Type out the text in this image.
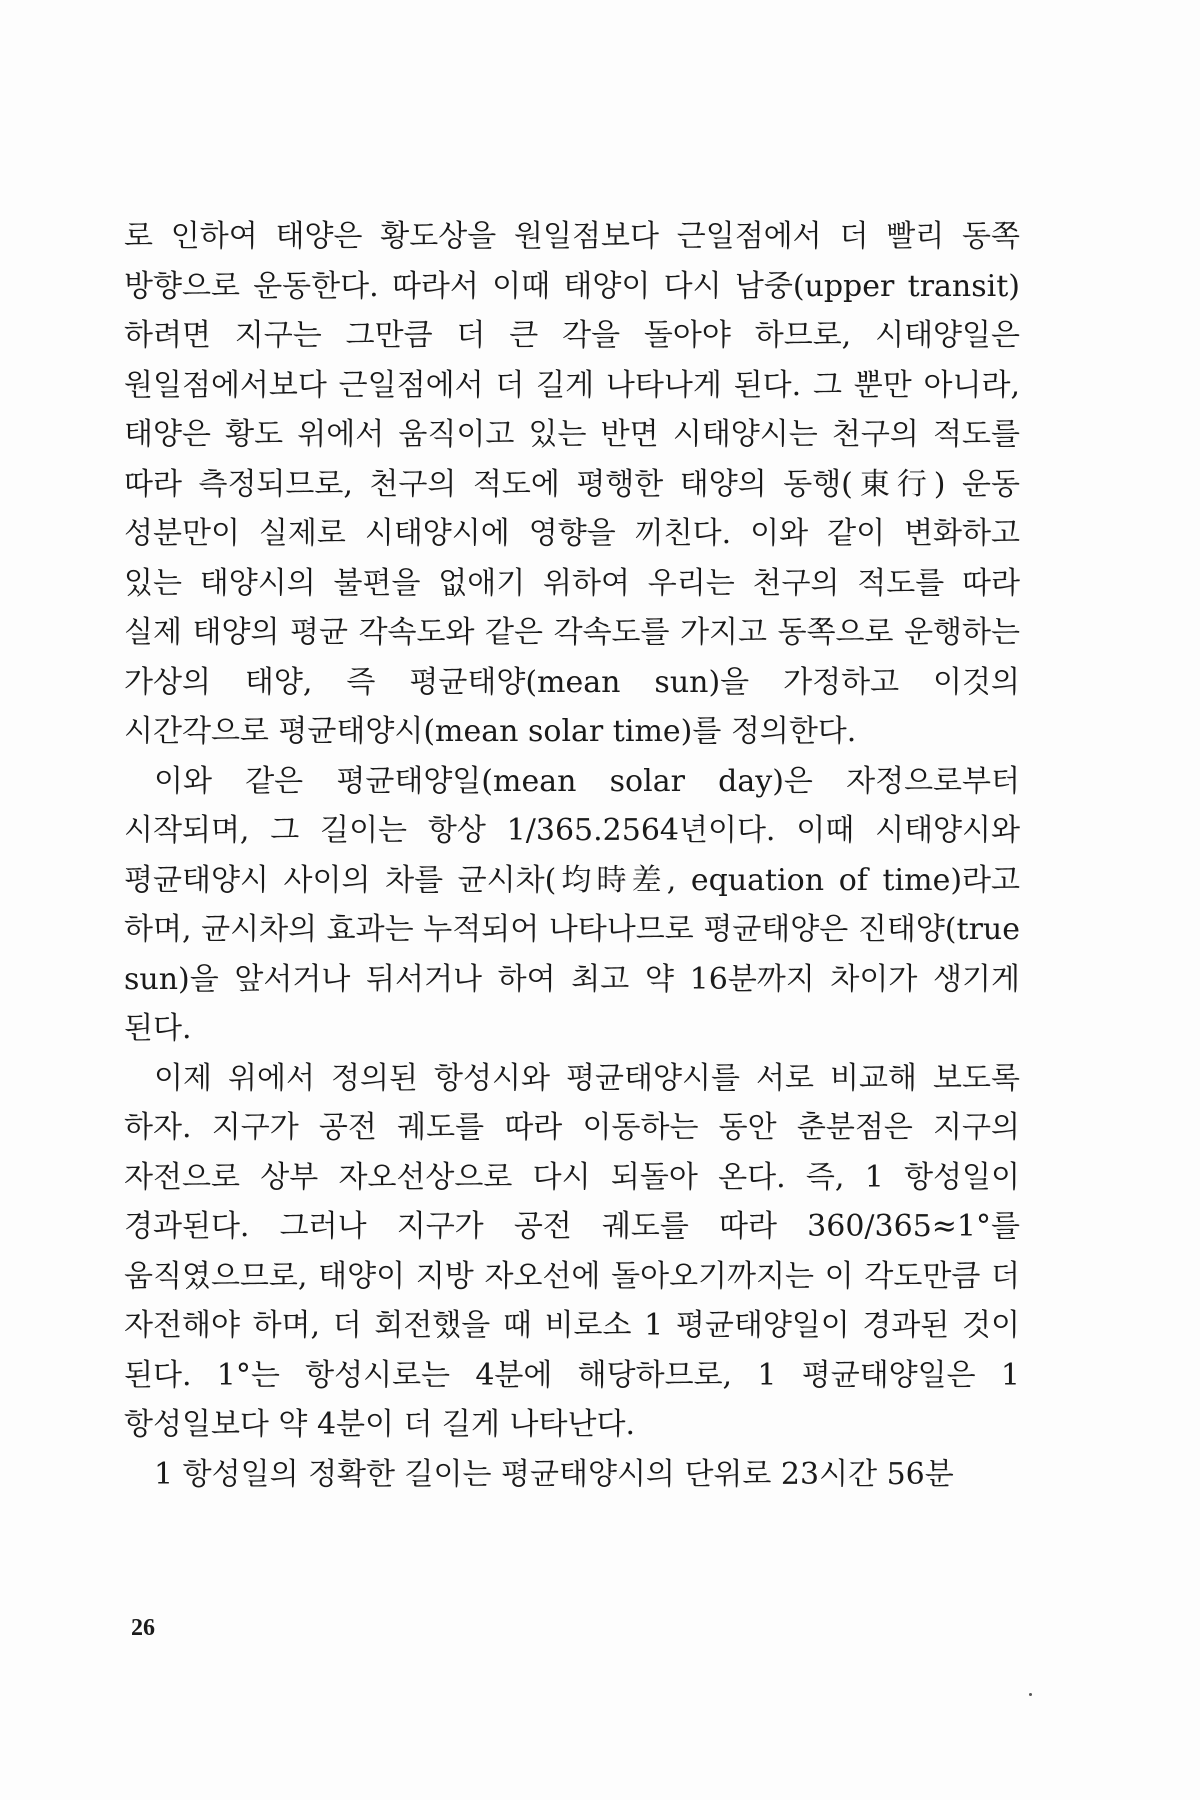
로 인하여 태양은 황도상을 원일점보다 근일점에서 더 빨리 동쪽 방향으로 운동한다. 따라서 이때 태양이 다시 남중(upper transit)하려면 지구는 그만큼 더 큰 각을 돌아야 하므로, 시태양일은 원일점에서보다 근일점에서 더 길게 나타나게 된다. 그 뿐만 아니라, 태양은 황도 위에서 움직이고 있는 반면 시태양시는 천구의 적도를 따라 측정되므로, 천구의 적도에 평행한 태양의 동행(東行) 운동 성분만이 실제로 시태양시에 영향을 끼친다. 이와 같이 변화하고 있는 태양시의 불편을 없애기 위하여 우리는 천구의 적도를 따라 실제 태양의 평균 각속도와 같은 각속도를 가지고 동쪽으로 운행하는 가상의 태양, 즉 평균태양(mean sun)을 가정하고 이것의 시간각으로 평균태양시(mean solar time)를 정의한다.

이와 같은 평균태양일(mean solar day)은 자정으로부터 시작되며, 그 길이는 항상 1/365.2564년이다. 이때 시태양시와 평균태양시 사이의 차를 균시차(均時差, equation of time)라고 하며, 균시차의 효과는 누적되어 나타나므로 평균태양은 진태양(true sun)을 앞서거나 뒤서거나 하여 최고 약 16분까지 차이가 생기게 된다.

이제 위에서 정의된 항성시와 평균태양시를 서로 비교해 보도록 하자. 지구가 공전 궤도를 따라 이동하는 동안 춘분점은 지구의 자전으로 상부 자오선상으로 다시 되돌아 온다. 즉, 1 항성일이 경과된다. 그러나 지구가 공전 궤도를 따라 360/365≈1°를 움직였으므로, 태양이 지방 자오선에 돌아오기까지는 이 각도만큼 더 자전해야 하며, 더 회전했을 때 비로소 1 평균태양일이 경과된 것이 된다. 1°는 항성시로는 4분에 해당하므로, 1 평균태양일은 1 항성일보다 약 4분이 더 길게 나타난다.

1 항성일의 정확한 길이는 평균태양시의 단위로 23시간 56분

26
